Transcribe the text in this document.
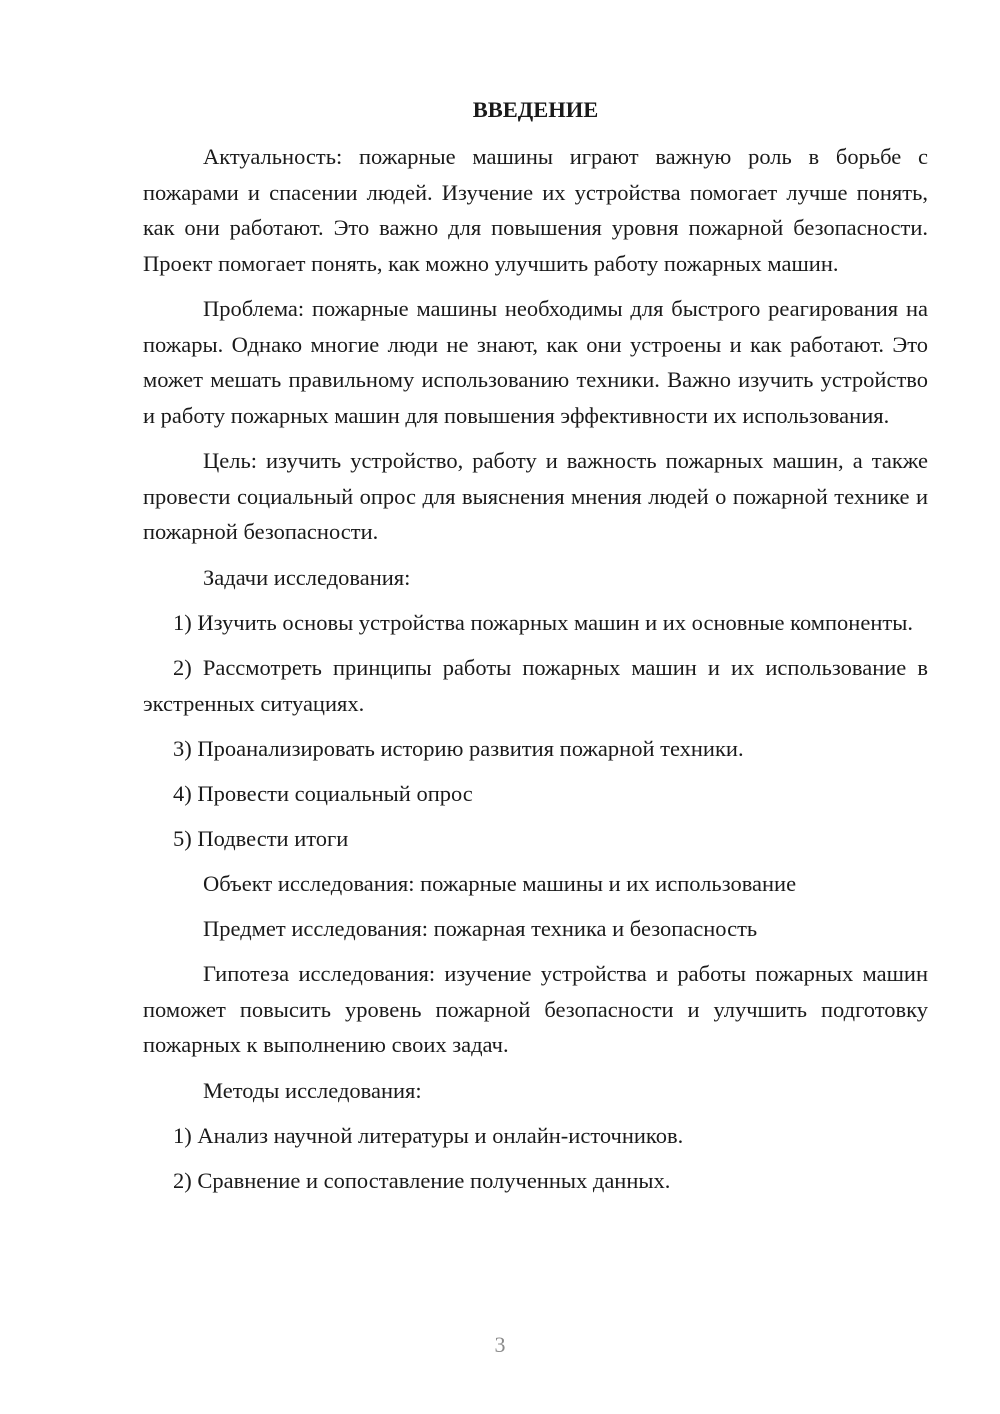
ВВЕДЕНИЕ

Актуальность: пожарные машины играют важную роль в борьбе с пожарами и спасении людей. Изучение их устройства помогает лучше понять, как они работают. Это важно для повышения уровня пожарной безопасности. Проект помогает понять, как можно улучшить работу пожарных машин.

Проблема: пожарные машины необходимы для быстрого реагирования на пожары. Однако многие люди не знают, как они устроены и как работают. Это может мешать правильному использованию техники. Важно изучить устройство и работу пожарных машин для повышения эффективности их использования.

Цель: изучить устройство, работу и важность пожарных машин, а также провести социальный опрос для выяснения мнения людей о пожарной технике и пожарной безопасности.

Задачи исследования:

1) Изучить основы устройства пожарных машин и их основные компоненты.

2) Рассмотреть принципы работы пожарных машин и их использование в экстренных ситуациях.

3) Проанализировать историю развития пожарной техники.

4) Провести социальный опрос

5) Подвести итоги

Объект исследования: пожарные машины и их использование

Предмет исследования: пожарная техника и безопасность

Гипотеза исследования: изучение устройства и работы пожарных машин поможет повысить уровень пожарной безопасности и улучшить подготовку пожарных к выполнению своих задач.

Методы исследования:

1) Анализ научной литературы и онлайн-источников.

2) Сравнение и сопоставление полученных данных.

3
